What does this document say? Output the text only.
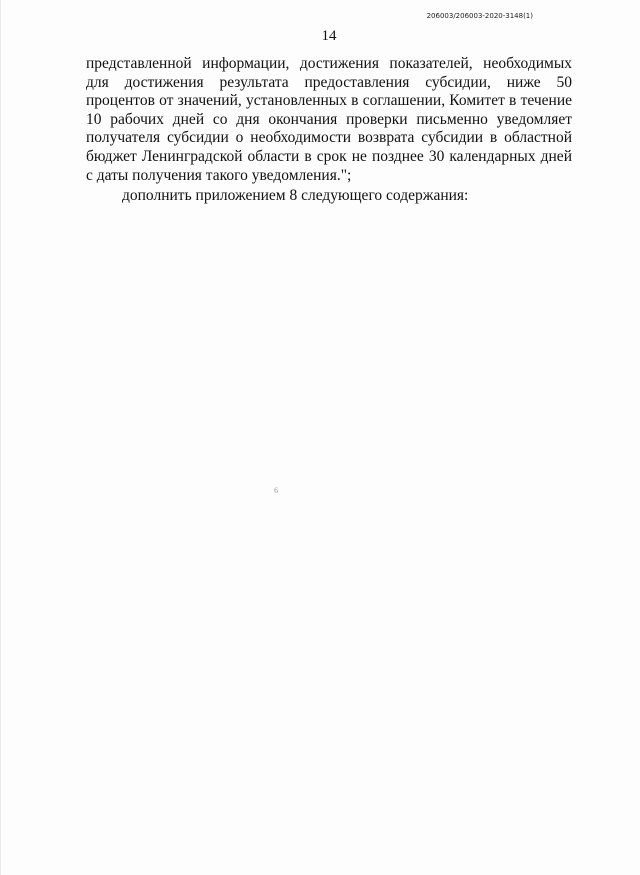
206003/206003-2020-3148(1)
14

представленной информации, достижения показателей, необходимых для достижения результата предоставления субсидии, ниже 50 процентов от значений, установленных в соглашении, Комитет в течение 10 рабочих дней со дня окончания проверки письменно уведомляет получателя субсидии о необходимости возврата субсидии в областной бюджет Ленинградской области в срок не позднее 30 календарных дней с даты получения такого уведомления.";

дополнить приложением 8 следующего содержания:

6
